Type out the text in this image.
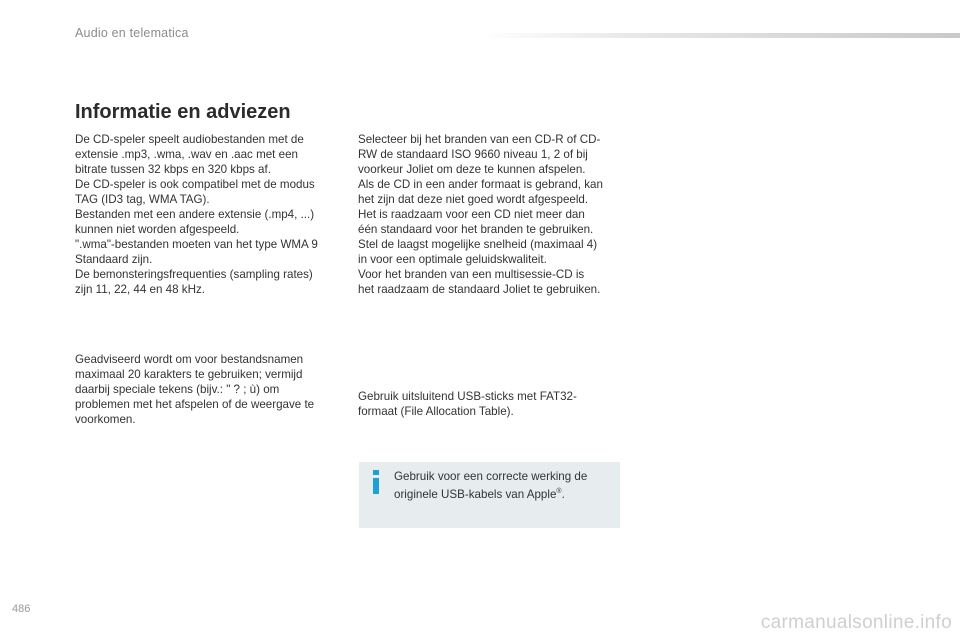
Audio en telematica
Informatie en adviezen
De CD-speler speelt audiobestanden met de
extensie .mp3, .wma, .wav en .aac met een
bitrate tussen 32 kbps en 320 kbps af.
De CD-speler is ook compatibel met de modus
TAG (ID3 tag, WMA TAG).
Bestanden met een andere extensie (.mp4, ...)
kunnen niet worden afgespeeld.
".wma"-bestanden moeten van het type WMA 9
Standaard zijn.
De bemonsteringsfrequenties (sampling rates)
zijn 11, 22, 44 en 48 kHz.
Geadviseerd wordt om voor bestandsnamen
maximaal 20 karakters te gebruiken; vermijd
daarbij speciale tekens (bijv.: " ? ; ù) om
problemen met het afspelen of de weergave te
voorkomen.
Selecteer bij het branden van een CD-R of CD-
RW de standaard ISO 9660 niveau 1, 2 of bij
voorkeur Joliet om deze te kunnen afspelen.
Als de CD in een ander formaat is gebrand, kan
het zijn dat deze niet goed wordt afgespeeld.
Het is raadzaam voor een CD niet meer dan
één standaard voor het branden te gebruiken.
Stel de laagst mogelijke snelheid (maximaal 4)
in voor een optimale geluidskwaliteit.
Voor het branden van een multisessie-CD is
het raadzaam de standaard Joliet te gebruiken.
Gebruik uitsluitend USB-sticks met FAT32-
formaat (File Allocation Table).
Gebruik voor een correcte werking de
originele USB-kabels van Apple®.
486
carmanualsonline.info
